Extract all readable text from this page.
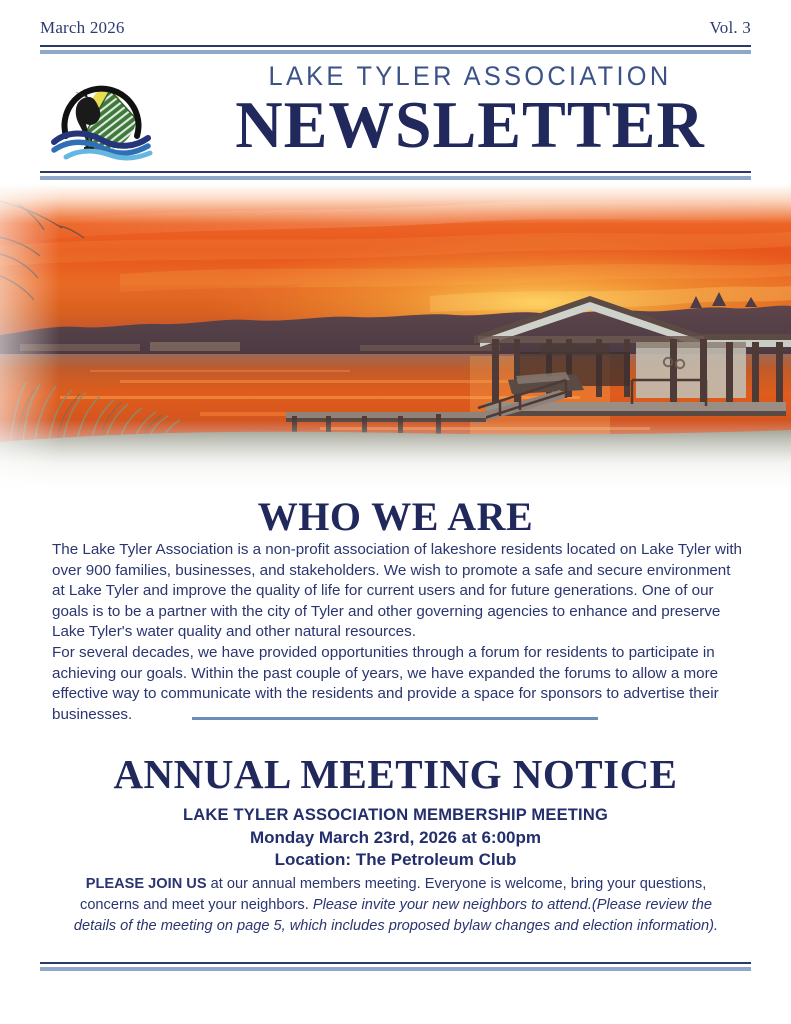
March 2026	Vol. 3
LAKE TYLER ASSOCIATION
NEWSLETTER
WHO WE ARE

The Lake Tyler Association is a non-profit association of lakeshore residents located on Lake Tyler with over 900 families, businesses, and stakeholders. We wish to promote a safe and secure environment at Lake Tyler and improve the quality of life for current users and for future generations. One of our goals is to be a partner with the city of Tyler and other governing agencies to enhance and preserve Lake Tyler's water quality and other natural resources.

For several decades, we have provided opportunities through a forum for residents to participate in achieving our goals. Within the past couple of years, we have expanded the forums to allow a more effective way to communicate with the residents and provide a space for sponsors to advertise their businesses.

ANNUAL MEETING NOTICE
LAKE TYLER ASSOCIATION MEMBERSHIP MEETING
Monday March 23rd, 2026 at 6:00pm
Location: The Petroleum Club
PLEASE JOIN US at our annual members meeting. Everyone is welcome, bring your questions, concerns and meet your neighbors. Please invite your new neighbors to attend.(Please review the details of the meeting on page 5, which includes proposed bylaw changes and election information).
